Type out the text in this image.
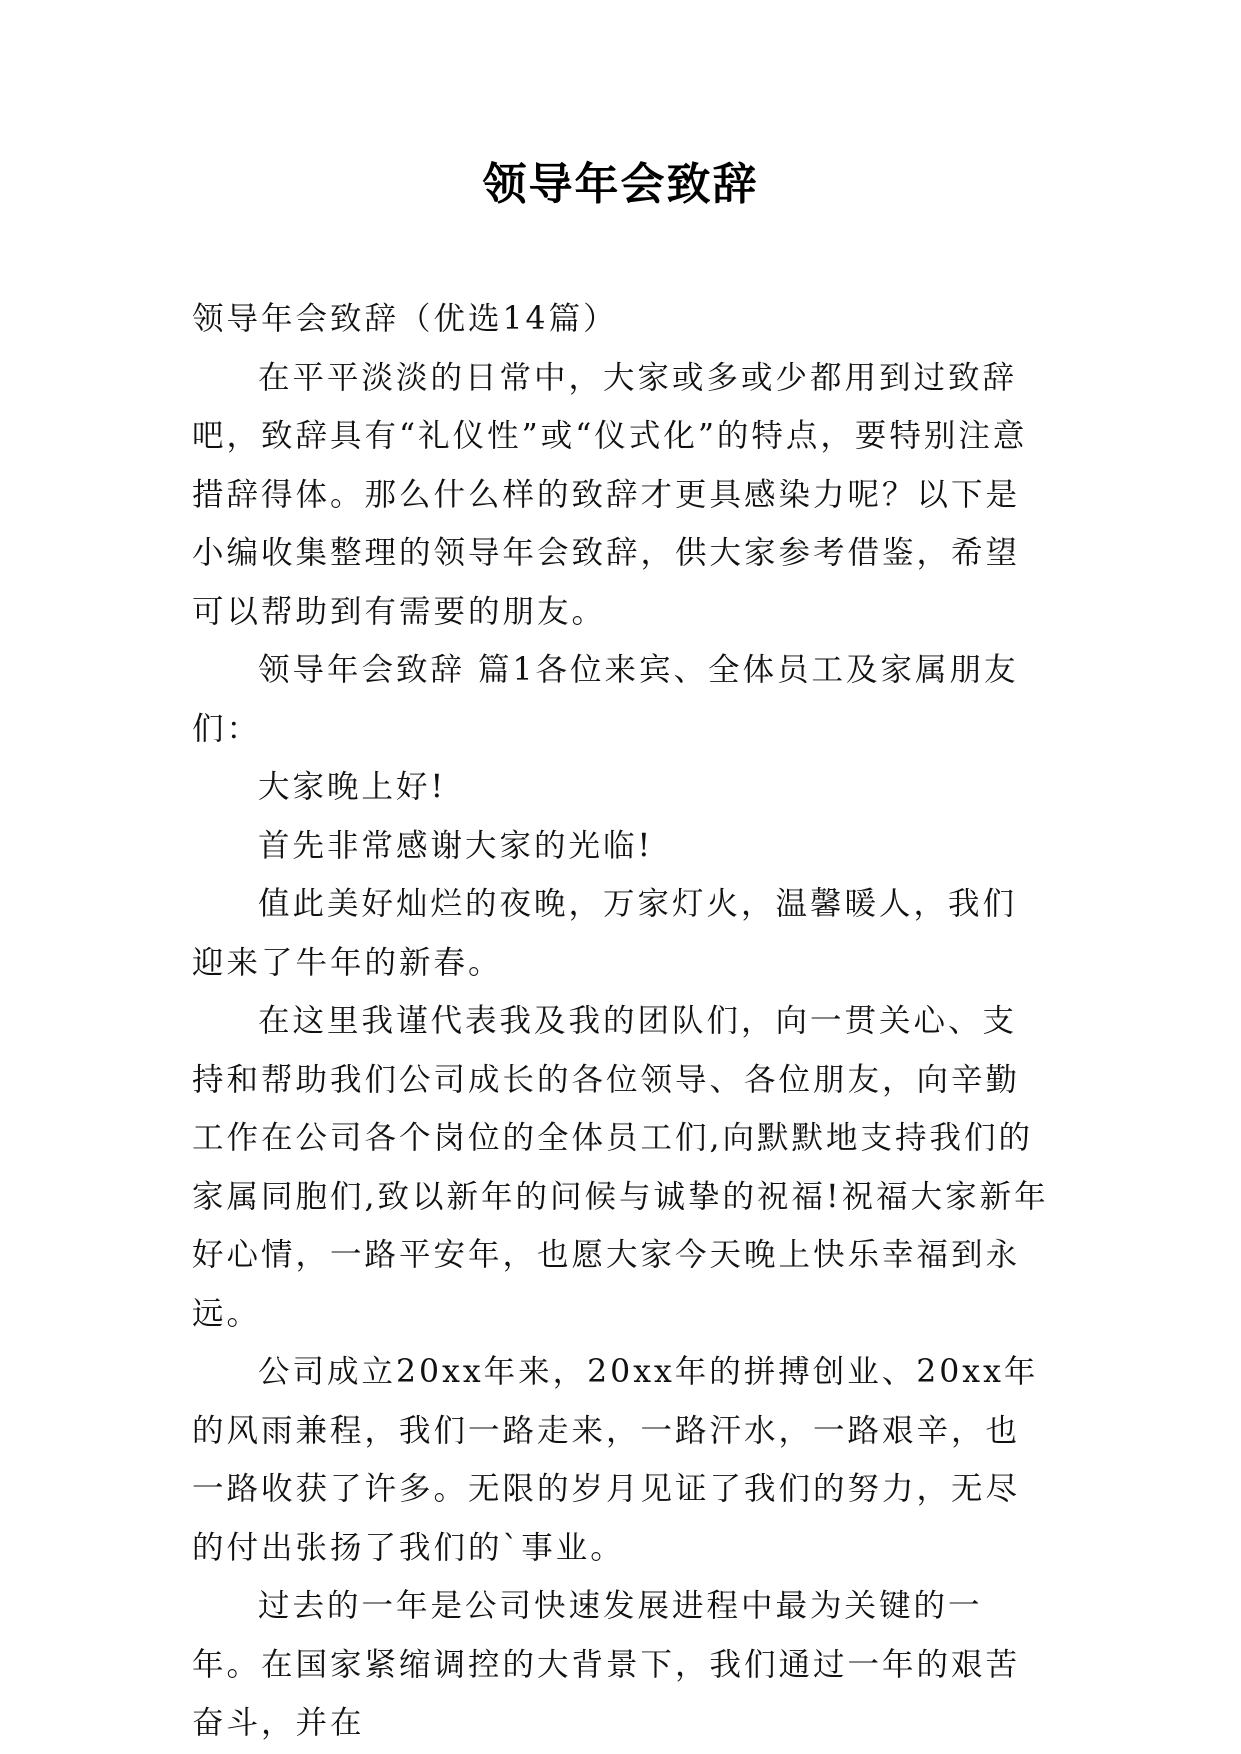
领导年会致辞

领导年会致辞（优选14篇）

在平平淡淡的日常中，大家或多或少都用到过致辞吧，致辞具有“礼仪性”或“仪式化”的特点，要特别注意措辞得体。那么什么样的致辞才更具感染力呢？以下是小编收集整理的领导年会致辞，供大家参考借鉴，希望可以帮助到有需要的朋友。

领导年会致辞 篇1各位来宾、全体员工及家属朋友们：

大家晚上好!

首先非常感谢大家的光临!

值此美好灿烂的夜晚，万家灯火，温馨暖人，我们迎来了牛年的新春。

在这里我谨代表我及我的团队们，向一贯关心、支持和帮助我们公司成长的各位领导、各位朋友，向辛勤工作在公司各个岗位的全体员工们,向默默地支持我们的家属同胞们,致以新年的问候与诚挚的祝福!祝福大家新年好心情，一路平安年，也愿大家今天晚上快乐幸福到永远。

公司成立20xx年来，20xx年的拼搏创业、20xx年的风雨兼程，我们一路走来，一路汗水，一路艰辛，也一路收获了许多。无限的岁月见证了我们的努力，无尽的付出张扬了我们的`事业。

过去的一年是公司快速发展进程中最为关键的一年。在国家紧缩调控的大背景下，我们通过一年的艰苦奋斗，并在
